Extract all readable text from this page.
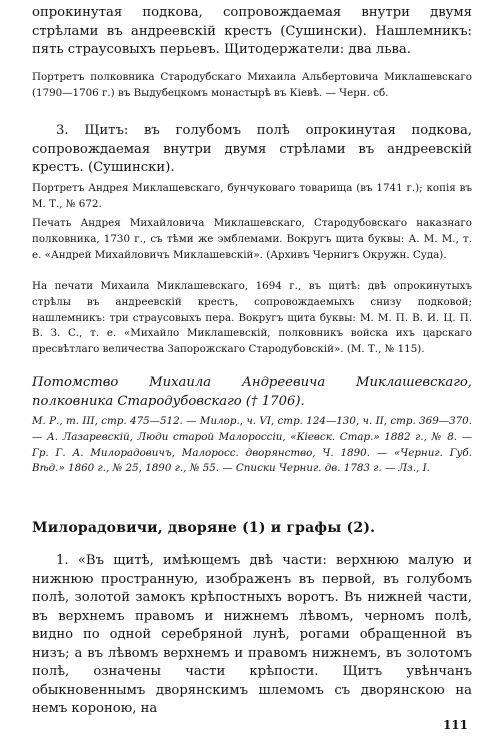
опрокинутая подкова, сопровождаемая внутри двумя стрѣлами въ андреевскій крестъ (Сушински). Нашлемникъ: пять страусовыхъ перьевъ. Щитодержатели: два льва.

Портретъ полковника Стародубскаго Михаила Альбертовича Миклашевскаго (1790—1706 г.) въ Выдубецкомъ монастырѣ въ Кіевѣ. — Черн. сб.

3. Щитъ: въ голубомъ полѣ опрокинутая подкова, сопровождаемая внутри двумя стрѣлами въ андреевскій крестъ. (Сушински).

Портретъ Андрея Миклашевскаго, бунчуковаго товарища (въ 1741 г.); копія въ М. Т., № 672.

Печать Андрея Михайловича Миклашевскаго, Стародубовскаго наказнаго полковника, 1730 г., съ тѣми же эмблемами. Вокругъ щита буквы: А. М. М., т. е. «Андрей Михайловичъ Миклашевскій». (Архивъ Чернигъ Окружн. Суда).

На печати Михаила Миклашевскаго, 1694 г., въ щитѣ: двѣ опрокинутыхъ стрѣлы въ андреевскій крестъ, сопровождаемыхъ снизу подковой; нашлемникъ: три страусовыхъ пера. Вокругъ щита буквы: М. М. П. В. И. Ц. П. В. З. С., т. е. «Михайло Миклашевскій, полковникъ войска ихъ царскаго пресвѣтлаго величества Запорожскаго Стародубовскій». (М. Т., № 115).

Потомство Михаила Андреевича Миклашевскаго, полковника Стародубовскаго († 1706).

М. Р., т. III, стр. 475—512. — Милор., ч. VI, стр. 124—130, ч. II, стр. 369—370. — А. Лазаревскій, Люди старой Малороссіи, «Кіевск. Стар.» 1882 г., № 8. — Гр. Г. А. Милорадовичъ, Малоросс. дворянство, Ч. 1890. — «Черниг. Губ. Вѣд.» 1860 г., № 25, 1890 г., № 55. — Списки Черниг. дв. 1783 г. — Лз., I.

Милорадовичи, дворяне (1) и графы (2).

1. «Въ щитѣ, имѣющемъ двѣ части: верхнюю малую и нижнюю пространную, изображенъ въ первой, въ голубомъ полѣ, золотой замокъ крѣпостныхъ воротъ. Въ нижней части, въ верхнемъ правомъ и нижнемъ лѣвомъ, черномъ полѣ, видно по одной серебряной лунѣ, рогами обращенной въ низъ; а въ лѣвомъ верхнемъ и правомъ нижнемъ, въ золотомъ полѣ, означены части крѣпости. Щитъ увѣнчанъ обыкновеннымъ дворянскимъ шлемомъ съ дворянскою на немъ короною, на

111
